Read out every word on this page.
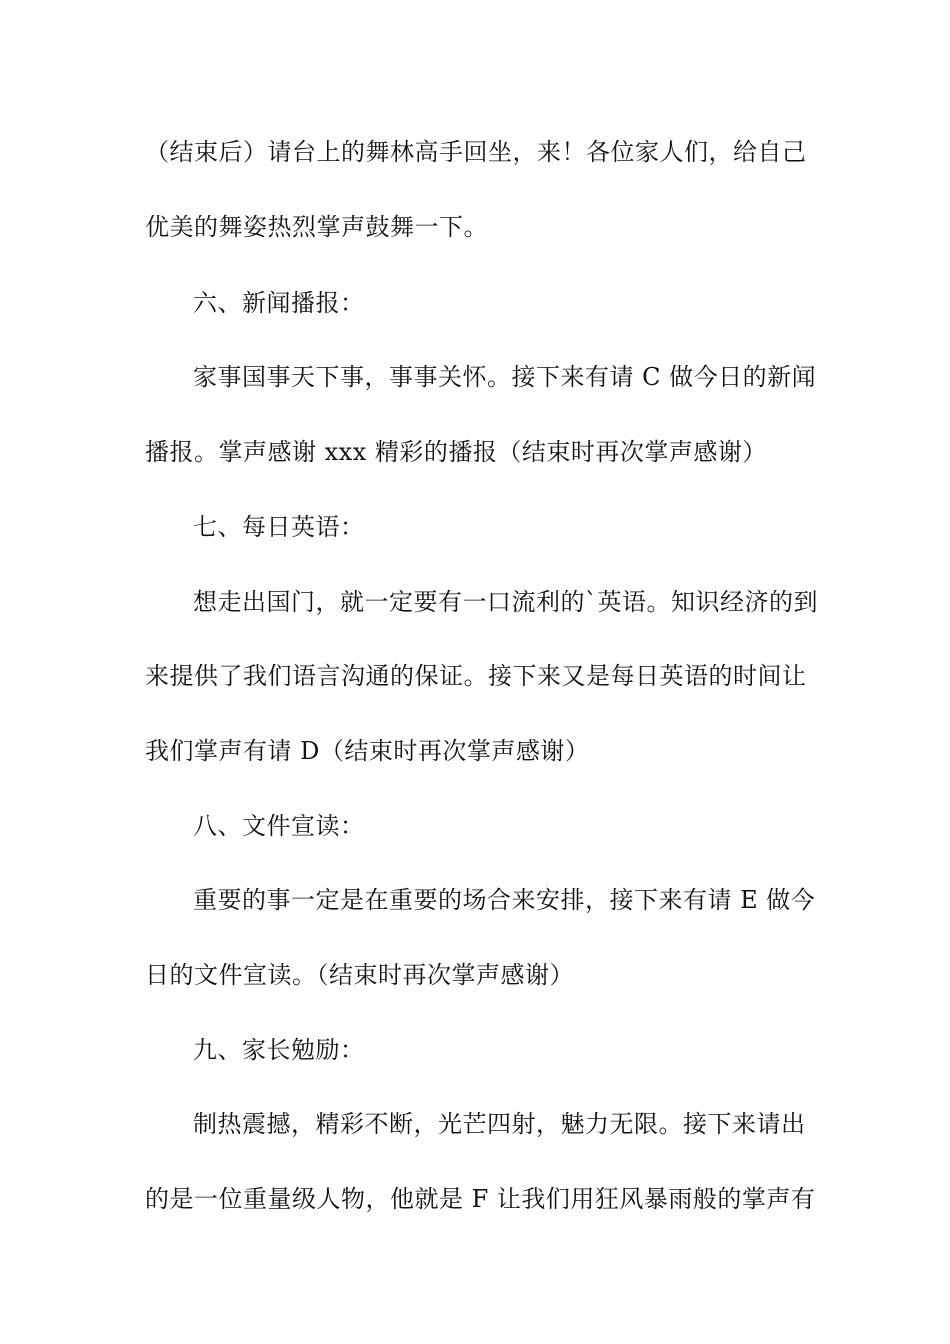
（结束后）请台上的舞林高手回坐，来！各位家人们，给自己
优美的舞姿热烈掌声鼓舞一下。
六、新闻播报：
家事国事天下事，事事关怀。接下来有请 C 做今日的新闻
播报。掌声感谢 xxx 精彩的播报（结束时再次掌声感谢）
七、每日英语：
想走出国门，就一定要有一口流利的`英语。知识经济的到
来提供了我们语言沟通的保证。接下来又是每日英语的时间让
我们掌声有请 D（结束时再次掌声感谢）
八、文件宣读：
重要的事一定是在重要的场合来安排，接下来有请 E 做今
日的文件宣读。（结束时再次掌声感谢）
九、家长勉励：
制热震撼，精彩不断，光芒四射，魅力无限。接下来请出
的是一位重量级人物，他就是 F 让我们用狂风暴雨般的掌声有
